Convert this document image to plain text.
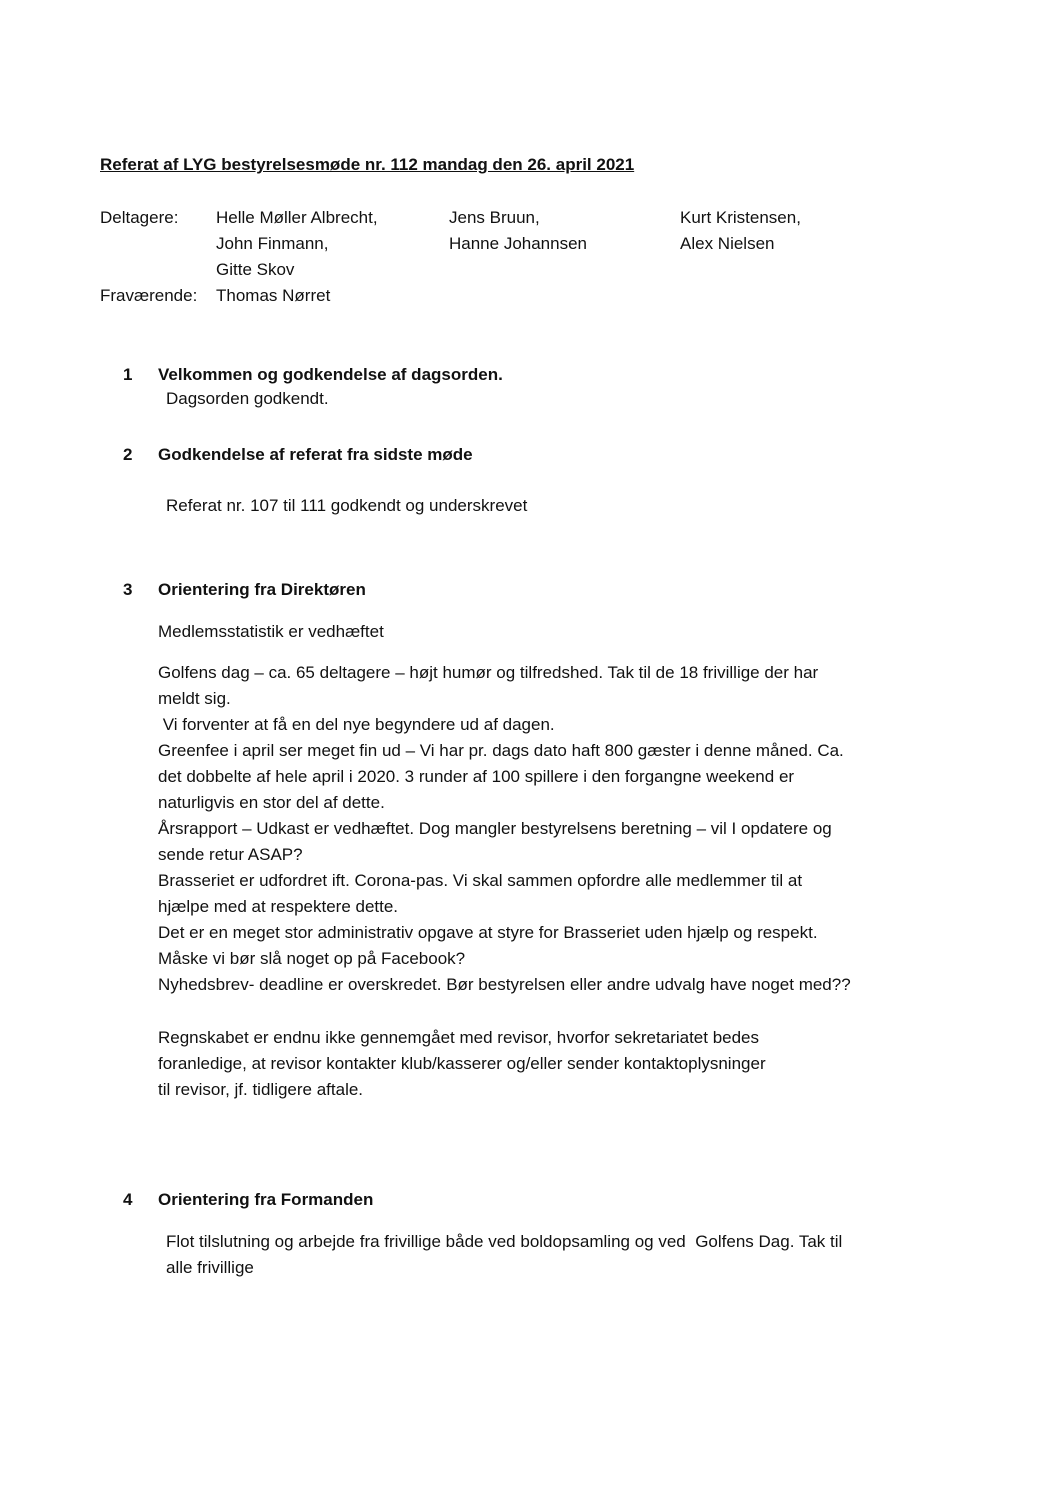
Referat af LYG bestyrelsesmøde nr. 112 mandag den 26. april 2021
Deltagere: Helle Møller Albrecht,
John Finmann,
Gitte Skov
Jens Bruun,
Hanne Johannsen
Kurt Kristensen,
Alex Nielsen
Fraværende: Thomas Nørret
1 Velkommen og godkendelse af dagsorden.
Dagsorden godkendt.
2 Godkendelse af referat fra sidste møde
Referat nr. 107 til 111 godkendt og underskrevet
3 Orientering fra Direktøren
Medlemsstatistik er vedhæftet
Golfens dag – ca. 65 deltagere – højt humør og tilfredshed. Tak til de 18 frivillige der har
meldt sig.
Vi forventer at få en del nye begyndere ud af dagen.
Greenfee i april ser meget fin ud – Vi har pr. dags dato haft 800 gæster i denne måned. Ca.
det dobbelte af hele april i 2020. 3 runder af 100 spillere i den forgangne weekend er
naturligvis en stor del af dette.
Årsrapport – Udkast er vedhæftet. Dog mangler bestyrelsens beretning – vil I opdatere og
sende retur ASAP?
Brasseriet er udfordret ift. Corona-pas. Vi skal sammen opfordre alle medlemmer til at
hjælpe med at respektere dette.
Det er en meget stor administrativ opgave at styre for Brasseriet uden hjælp og respekt.
Måske vi bør slå noget op på Facebook?
Nyhedsbrev- deadline er overskredet. Bør bestyrelsen eller andre udvalg have noget med??
Regnskabet er endnu ikke gennemgået med revisor, hvorfor sekretariatet bedes
foranledige, at revisor kontakter klub/kasserer og/eller sender kontaktoplysninger
til revisor, jf. tidligere aftale.
4 Orientering fra Formanden
Flot tilslutning og arbejde fra frivillige både ved boldopsamling og ved  Golfens Dag. Tak til
alle frivillige
